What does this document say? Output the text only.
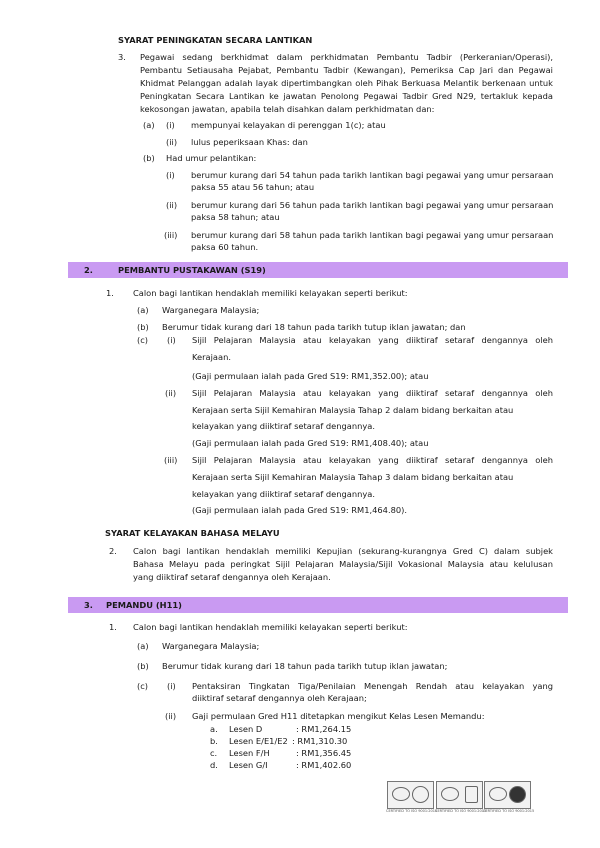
SYARAT PENINGKATAN SECARA LANTIKAN
3. Pegawai sedang berkhidmat dalam perkhidmatan Pembantu Tadbir (Perkeranian/Operasi),
Pembantu Setiausaha Pejabat, Pembantu Tadbir (Kewangan), Pemeriksa Cap Jari dan Pegawai
Khidmat Pelanggan adalah layak dipertimbangkan oleh Pihak Berkuasa Melantik berkenaan untuk
Peningkatan Secara Lantikan ke jawatan Penolong Pegawai Tadbir Gred N29, tertakluk kepada
kekosongan jawatan, apabila telah disahkan dalam perkhidmatan dan:
(a) (i) mempunyai kelayakan di perenggan 1(c); atau
(ii) lulus peperiksaan Khas: dan
(b) Had umur pelantikan:
(i) berumur kurang dari 54 tahun pada tarikh lantikan bagi pegawai yang umur persaraan
paksa 55 atau 56 tahun; atau
(ii) berumur kurang dari 56 tahun pada tarikh lantikan bagi pegawai yang umur persaraan
paksa 58 tahun; atau
(iii) berumur kurang dari 58 tahun pada tarikh lantikan bagi pegawai yang umur persaraan
paksa 60 tahun.
2.	PEMBANTU PUSTAKAWAN (S19)
1. Calon bagi lantikan hendaklah memiliki kelayakan seperti berikut:
(a) Warganegara Malaysia;
(b) Berumur tidak kurang dari 18 tahun pada tarikh tutup iklan jawatan; dan
(c) (i) Sijil Pelajaran Malaysia atau kelayakan yang diiktiraf setaraf dengannya oleh
Kerajaan.
(Gaji permulaan ialah pada Gred S19: RM1,352.00); atau
(ii) Sijil Pelajaran Malaysia atau kelayakan yang diiktiraf setaraf dengannya oleh
Kerajaan serta Sijil Kemahiran Malaysia Tahap 2 dalam bidang berkaitan atau
kelayakan yang diiktiraf setaraf dengannya.
(Gaji permulaan ialah pada Gred S19: RM1,408.40); atau
(iii) Sijil Pelajaran Malaysia atau kelayakan yang diiktiraf setaraf dengannya oleh
Kerajaan serta Sijil Kemahiran Malaysia Tahap 3 dalam bidang berkaitan atau
kelayakan yang diiktiraf setaraf dengannya.
(Gaji permulaan ialah pada Gred S19: RM1,464.80).
SYARAT KELAYAKAN BAHASA MELAYU
2. Calon bagi lantikan hendaklah memiliki Kepujian (sekurang-kurangnya Gred C) dalam subjek
Bahasa Melayu pada peringkat Sijil Pelajaran Malaysia/Sijil Vokasional Malaysia atau kelulusan
yang diiktiraf setaraf dengannya oleh Kerajaan.
3. PEMANDU (H11)
1. Calon bagi lantikan hendaklah memiliki kelayakan seperti berikut:
(a) Warganegara Malaysia;
(b) Berumur tidak kurang dari 18 tahun pada tarikh tutup iklan jawatan;
(c) (i) Pentaksiran Tingkatan Tiga/Penilaian Menengah Rendah atau kelayakan yang
diiktiraf setaraf dengannya oleh Kerajaan;
(ii) Gaji permulaan Gred H11 ditetapkan mengikut Kelas Lesen Memandu:
a. Lesen D	: RM1,264.15
b. Lesen E/E1/E2 : RM1,310.30
c. Lesen F/H	: RM1,356.45
d. Lesen G/I	: RM1,402.60
CERTIFIED TO ISO 9001:2015
CERTIFIED TO ISO 9001:2015
CERTIFIED TO ISO 9001:2015
